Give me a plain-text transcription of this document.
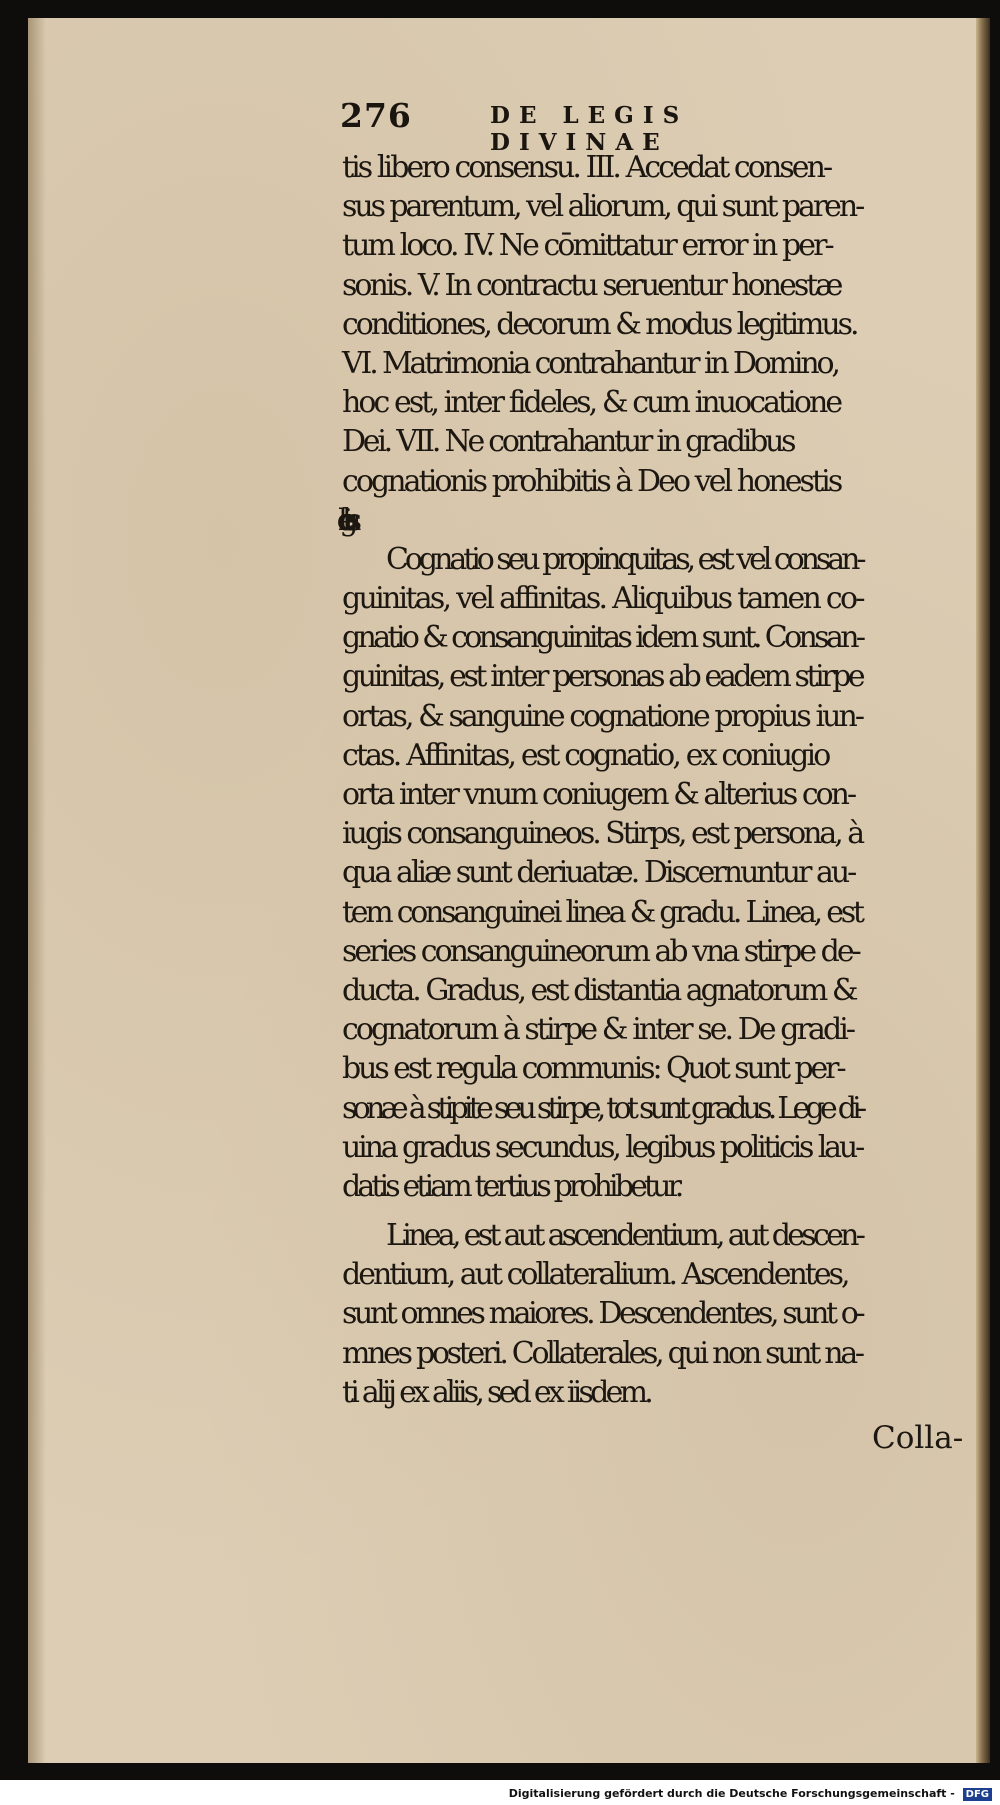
276	DE LEGIS DIVINAE
tis libero consensu. III. Accedat consen-
sus parentum, vel aliorum, qui sunt paren-
tum loco. IV. Ne cōmittatur error in per-
sonis. V. In contractu seruentur honestæ
conditiones, decorum & modus legitimus.
VI. Matrimonia contrahantur in Domino,
hoc est, inter fideles, & cum inuocatione
Dei. VII. Ne contrahantur in gradibus
cognationis prohibitis à Deo vel honestis
Cognatio seu propinquitas, est vel consan-
guinitas, vel affinitas. Aliquibus tamen co-
gnatio & consanguinitas idem sunt. Consan-
guinitas, est inter personas ab eadem stirpe
ortas, & sanguine cognatione propius iun-
ctas. Affinitas, est cognatio, ex coniugio
orta inter vnum coniugem & alterius con-
iugis consanguineos. Stirps, est persona, à
qua aliæ sunt deriuatæ. Discernuntur au-
tem consanguinei linea & gradu. Linea, est
series consanguineorum ab vna stirpe de-
ducta. Gradus, est distantia agnatorum &
cognatorum à stirpe & inter se. De gradi-
bus est regula communis: Quot sunt per-
sonæ à stipite seu stirpe, tot sunt gradus. Lege di-
uina gradus secundus, legibus politicis lau-
datis etiam tertius prohibetur.
Linea, est aut ascendentium, aut descen-
dentium, aut collateralium. Ascendentes,
sunt omnes maiores. Descendentes, sunt o-
mnes posteri. Collaterales, qui non sunt na-
ti alij ex aliis, sed ex iisdem.
Colla-
Digitalisierung gefördert durch die Deutsche Forschungsgemeinschaft - DFG
